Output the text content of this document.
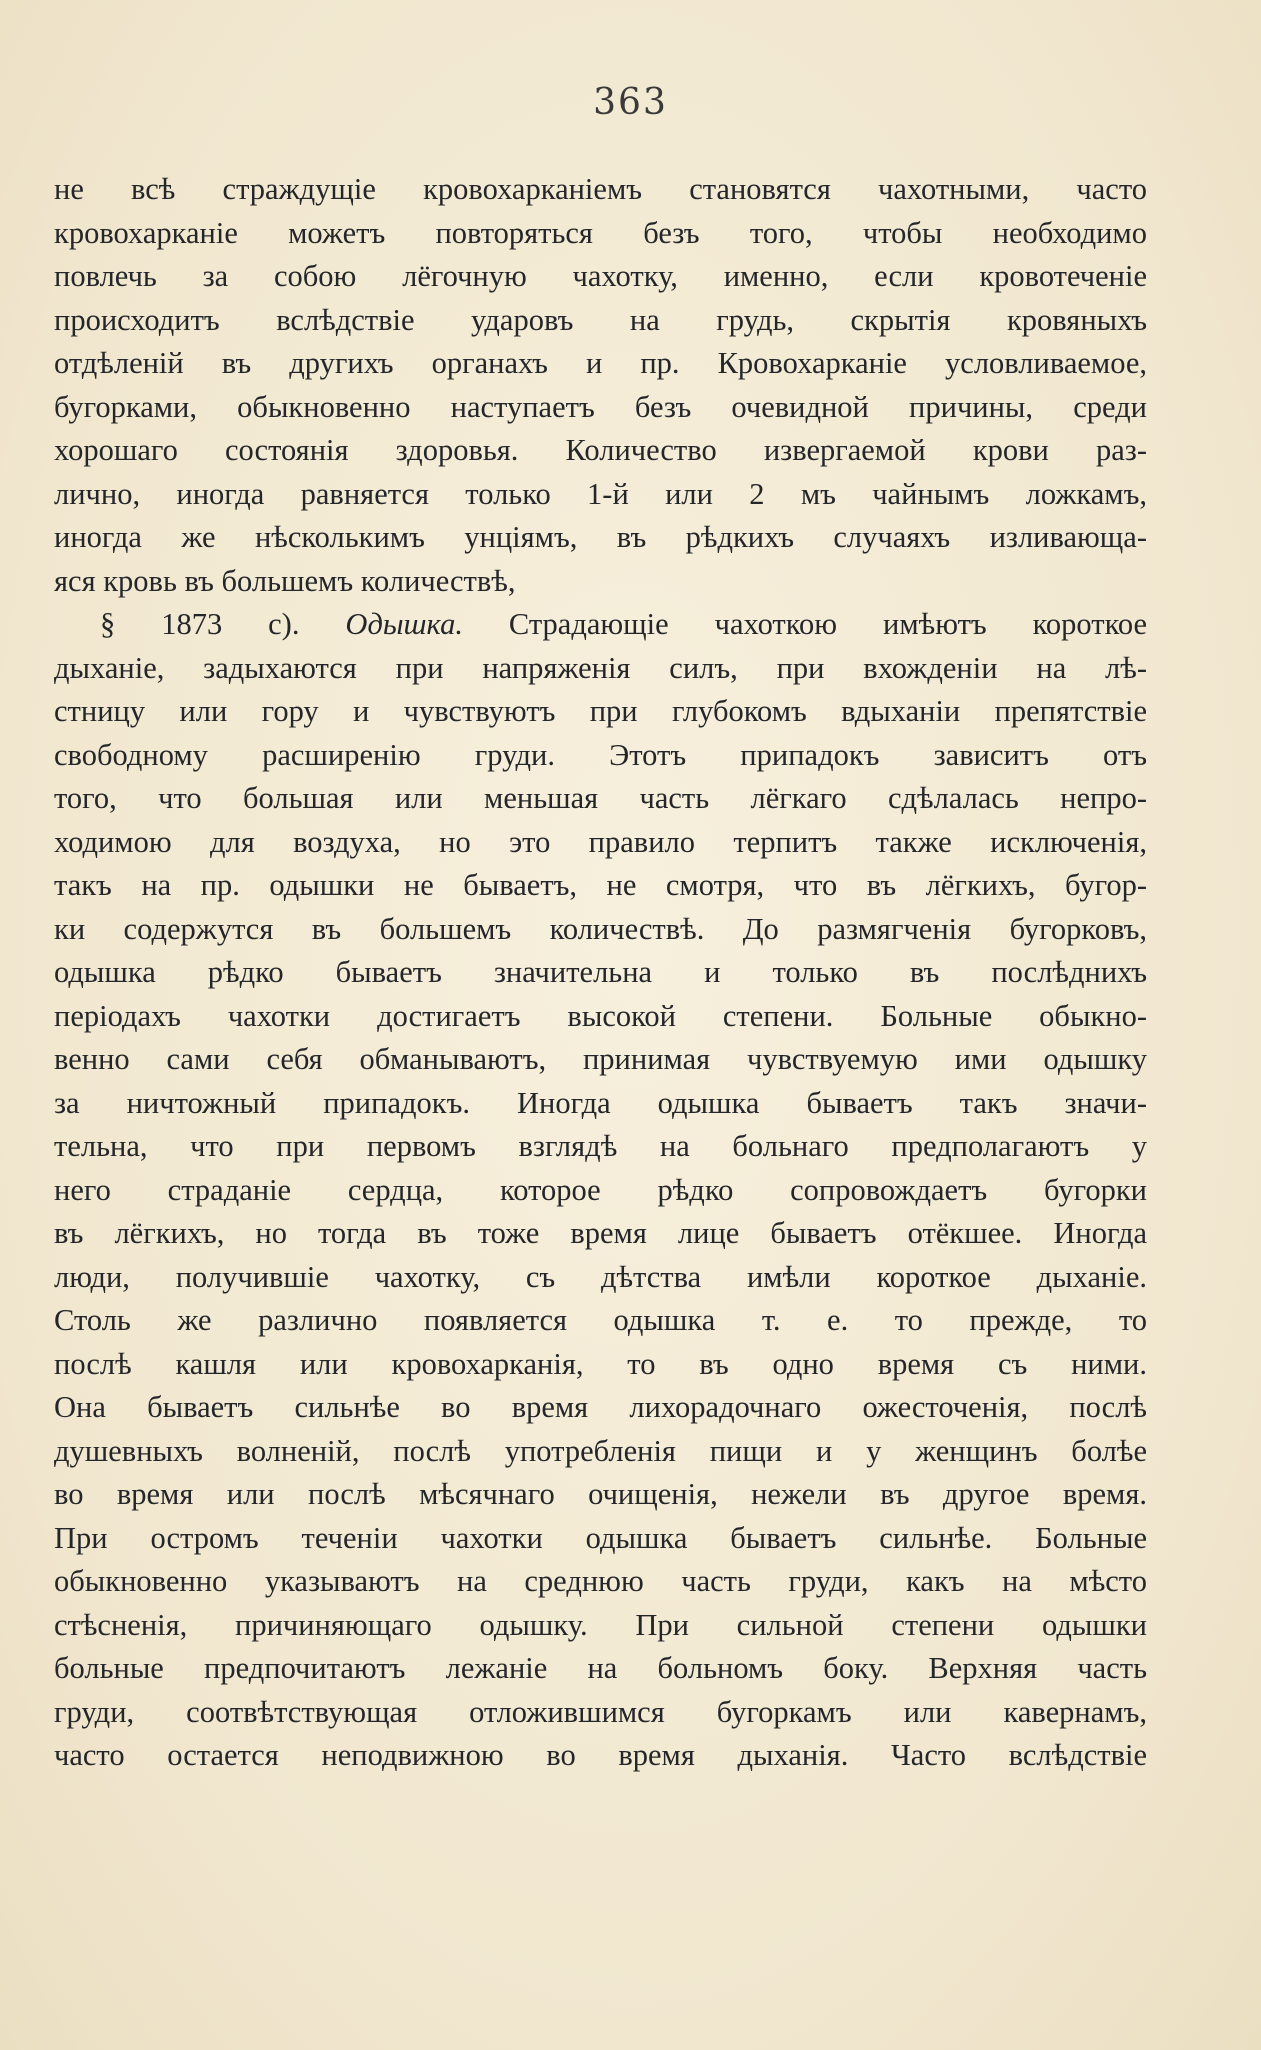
363
не всѣ страждущіе кровохарканіемъ становятся чахотными, часто
кровохарканіе можетъ повторяться безъ того, чтобы необходимо
повлечь за собою лёгочную чахотку, именно, если кровотеченіе
происходитъ вслѣдствіе ударовъ на грудь, скрытія кровяныхъ
отдѣленій въ другихъ органахъ и пр. Кровохарканіе условливаемое,
бугорками, обыкновенно наступаетъ безъ очевидной причины, среди
хорошаго состоянія здоровья. Количество извергаемой крови раз-
лично, иногда равняется только 1-й или 2 мъ чайнымъ ложкамъ,
иногда же нѣсколькимъ унціямъ, въ рѣдкихъ случаяхъ изливающа-
яся кровь въ большемъ количествѣ,
§ 1873 c). Одышка. Страдающіе чахоткою имѣютъ короткое
дыханіе, задыхаются при напряженія силъ, при вхожденіи на лѣ-
стницу или гору и чувствуютъ при глубокомъ вдыханіи препятствіе
свободному расширенію груди. Этотъ припадокъ зависитъ отъ
того, что большая или меньшая часть лёгкаго сдѣлалась непро-
ходимою для воздуха, но это правило терпитъ также исключенія,
такъ на пр. одышки не бываетъ, не смотря, что въ лёгкихъ, бугор-
ки содержутся въ большемъ количествѣ. До размягченія бугорковъ,
одышка рѣдко бываетъ значительна и только въ послѣднихъ
періодахъ чахотки достигаетъ высокой степени. Больные обыкно-
венно сами себя обманываютъ, принимая чувствуемую ими одышку
за ничтожный припадокъ. Иногда одышка бываетъ такъ значи-
тельна, что при первомъ взглядѣ на больнаго предполагаютъ у
него страданіе сердца, которое рѣдко сопровождаетъ бугорки
въ лёгкихъ, но тогда въ тоже время лице бываетъ отёкшее. Иногда
люди, получившіе чахотку, съ дѣтства имѣли короткое дыханіе.
Столь же различно появляется одышка т. е. то прежде, то
послѣ кашля или кровохарканія, то въ одно время съ ними.
Она бываетъ сильнѣе во время лихорадочнаго ожесточенія, послѣ
душевныхъ волненій, послѣ употребленія пищи и у женщинъ болѣе
во время или послѣ мѣсячнаго очищенія, нежели въ другое время.
При остромъ теченіи чахотки одышка бываетъ сильнѣе. Больные
обыкновенно указываютъ на среднюю часть груди, какъ на мѣсто
стѣсненія, причиняющаго одышку. При сильной степени одышки
больные предпочитаютъ лежаніе на больномъ боку. Верхняя часть
груди, соотвѣтствующая отложившимся бугоркамъ или кавернамъ,
часто остается неподвижною во время дыханія. Часто вслѣдствіе
